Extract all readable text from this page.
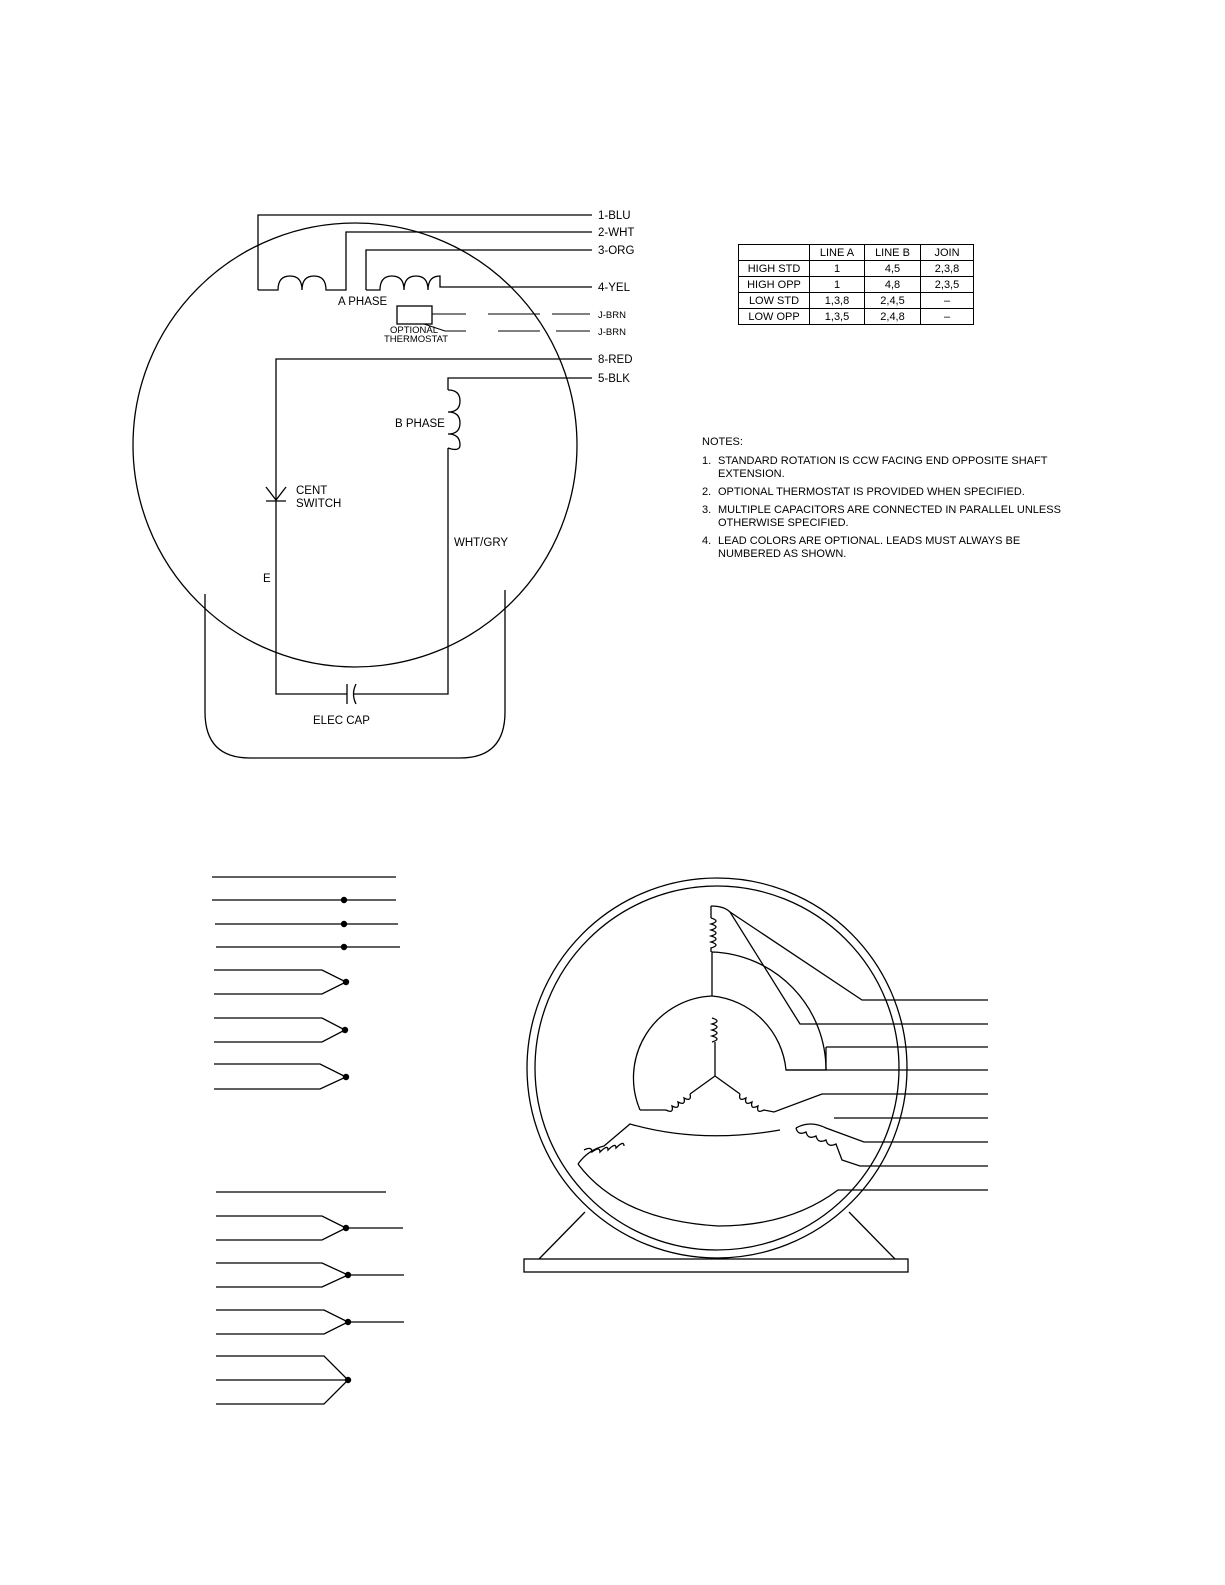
A PHASE
OPTIONAL
THERMOSTAT
B PHASE
CENT
SWITCH
WHT/GRY
E
ELEC CAP
1-BLU
2-WHT
3-ORG
4-YEL
J-BRN
J-BRN
8-RED
5-BLK
	LINE A	LINE B	JOIN
HIGH STD	1	4,5	2,3,8
HIGH OPP	1	4,8	2,3,5
LOW STD	1,3,8	2,4,5	–
LOW OPP	1,3,5	2,4,8	–
NOTES:
1. STANDARD ROTATION IS CCW FACING END OPPOSITE SHAFT EXTENSION.
2. OPTIONAL THERMOSTAT IS PROVIDED WHEN SPECIFIED.
3. MULTIPLE CAPACITORS ARE CONNECTED IN PARALLEL UNLESS OTHERWISE SPECIFIED.
4. LEAD COLORS ARE OPTIONAL. LEADS MUST ALWAYS BE NUMBERED AS SHOWN.
